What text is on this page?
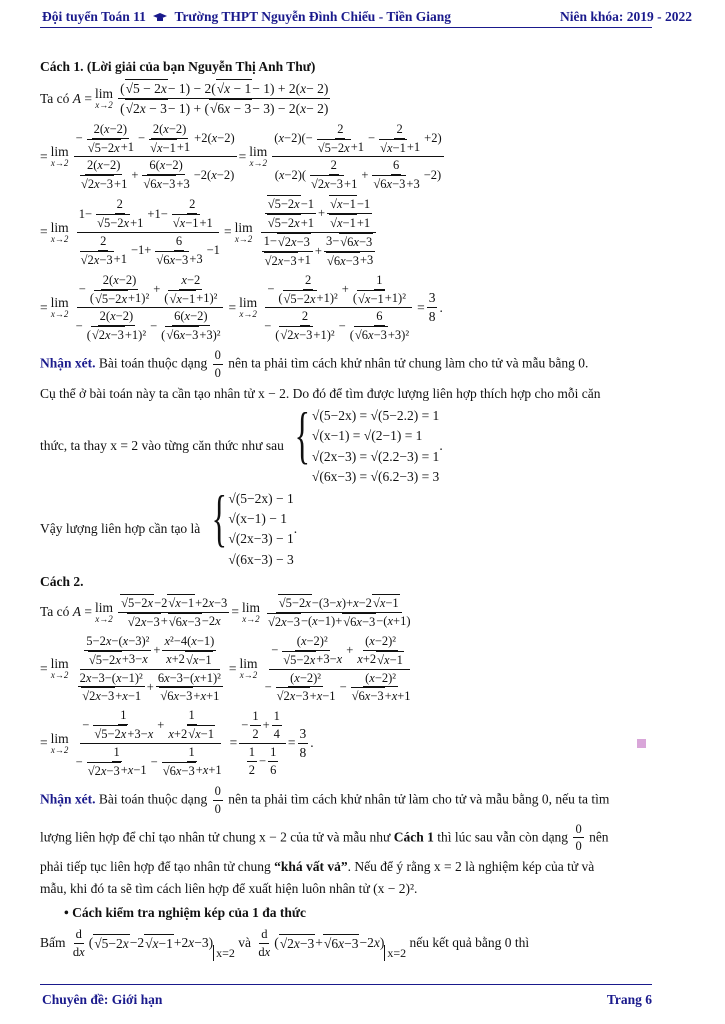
Đội tuyển Toán 11 Trường THPT Nguyễn Đình Chiểu - Tiền Giang	Niên khóa: 2019 - 2022

Cách 1. (Lời giải của bạn Nguyễn Thị Anh Thư)

Ta có
A = lim
x→2 (
√ 5 − 2x − 1) − 2(
√ x − 1 − 1) + 2( x − 2)
(
√ 2x − 3 − 1) + (
√ 6x − 3 − 3) − 2( x − 2)
= lim
x→2 − 2( x −2)
√ 5−2x +1 − 2( x −2)
√ x−1 +1 +2( x −2)
2( x −2)
√ 2x−3 +1 + 6( x −2)
√ 6x−3 +3 −2( x −2) = lim
x→2 ( x −2)(− 2
√ 5−2x +1 − 2
√ x−1 +1 +2)
( x −2)( 2
√ 2x−3 +1 + 6
√ 6x−3 +3 −2)
= lim
x→2 1− 2
√ 5−2x +1 +1− 2
√ x−1 +1
2
√ 2x−3 +1 −1+ 6
√ 6x−3 +3 −1 = lim
x→2
√ 5−2x −1
√ 5−2x +1 +
√ x−1 −1
√ x−1 +1
1−
√ 2x−3
√ 2x−3 +1 + 3−
√ 6x−3
√ 6x−3 +3
= lim
x→2 − 2( x −2)
(
√ 5−2x +1)² + x −2
(
√ x−1 +1)²
− 2( x −2)
(
√ 2x−3 +1)² − 6( x −2)
(
√ 6x−3 +3)² = lim
x→2 − 2
(
√ 5−2x +1)² + 1
(
√ x−1 +1)²
− 2
(
√ 2x−3 +1)² − 6
(
√ $6x-3 +3)^2 = \frac{3}{8}$ .

Nhận xét. Bài toán thuộc dạng $\frac{0}{0}$ nên ta phải tìm cách khử nhân tử chung làm cho tử và mẫu bằng 0.

Cụ thể ở bài toán này ta cần tạo nhân tử x − 2. Do đó để tìm được lượng liên hợp thích hợp cho mỗi căn

thức, ta thay x = 2 vào từng căn thức như sau
{ √(5−2x) = √(5−2.2) = 1
√(x−1) = √(2−1) = 1
√(2x−3) = √(2.2−3) = 1
√(6x−3) = √(6.2−3) = 3
.
Vậy lượng liên hợp cần tạo là
{ √(5−2x) − 1
√(x−1) − 1
√(2x−3) − 1
√(6x−3) − 3
.

Cách 2.

Ta có
A = lim
x→2
√ 5−2x −2
√ x−1 +2 x −3
√ 2x−3 +
√ 6x−3 −2 x = lim
x→2
√ 5−2x −(3− x )+ x −2
√ x−1
√ 2x−3 −( x −1)+
√ 6x−3 −( x +1)
= lim
x→2 5−2 x −( x −3)²
√ 5−2x +3− x + x ²−4( x −1)
x +2
√ x−1
2 x −3−( x −1)²
√ 2x−3 + x −1 + 6 x −3−( x +1)²
√ 6x−3 + x +1 = lim
x→2 − ( x −2)²
√ 5−2x +3− x + ( x −2)²
x +2
√ x−1
− ( x −2)²
√ 2x−3 + x −1 − ( x −2)²
√ 6x−3 + x +1
= lim
x→2 − 1
√ 5−2x +3− x + 1
x +2
√ x−1
− 1
√ 2x−3 + x −1 − 1
√ $6x-3 + x +1 = \frac{- \frac{1}{2} + \frac{1}{4}}{\frac{1}{2} - \frac{1}{6}} = \frac{3}{8}$ .

Nhận xét. Bài toán thuộc dạng $\frac{0}{0}$ nên ta phải tìm cách khử nhân tử làm cho tử và mẫu bằng 0, nếu ta tìm

lượng liên hợp để chỉ tạo nhân tử chung x − 2 của tử và mẫu như Cách 1 thì lúc sau vẫn còn dạng $\frac{0}{0}$ nên

phải tiếp tục liên hợp để tạo nhân tử chung “khá vất vả”. Nếu để ý rằng x = 2 là nghiệm kép của tử và

mẫu, khi đó ta sẽ tìm cách liên hợp để xuất hiện luôn nhân tử (x − 2)².

• Cách kiểm tra nghiệm kép của 1 đa thức

Bấm
$\frac{d}{\text{d x}}$ (
√ 5−2x −2
√ x−1 +2 x −3)
x=2

và
$\frac{d}{\text{d x}}$ (
√ 2x−3 +
√ 6x−3 −2 x )
x=2

nếu kết quả bằng 0 thì
Chuyên đề: Giới hạn	Trang 6
